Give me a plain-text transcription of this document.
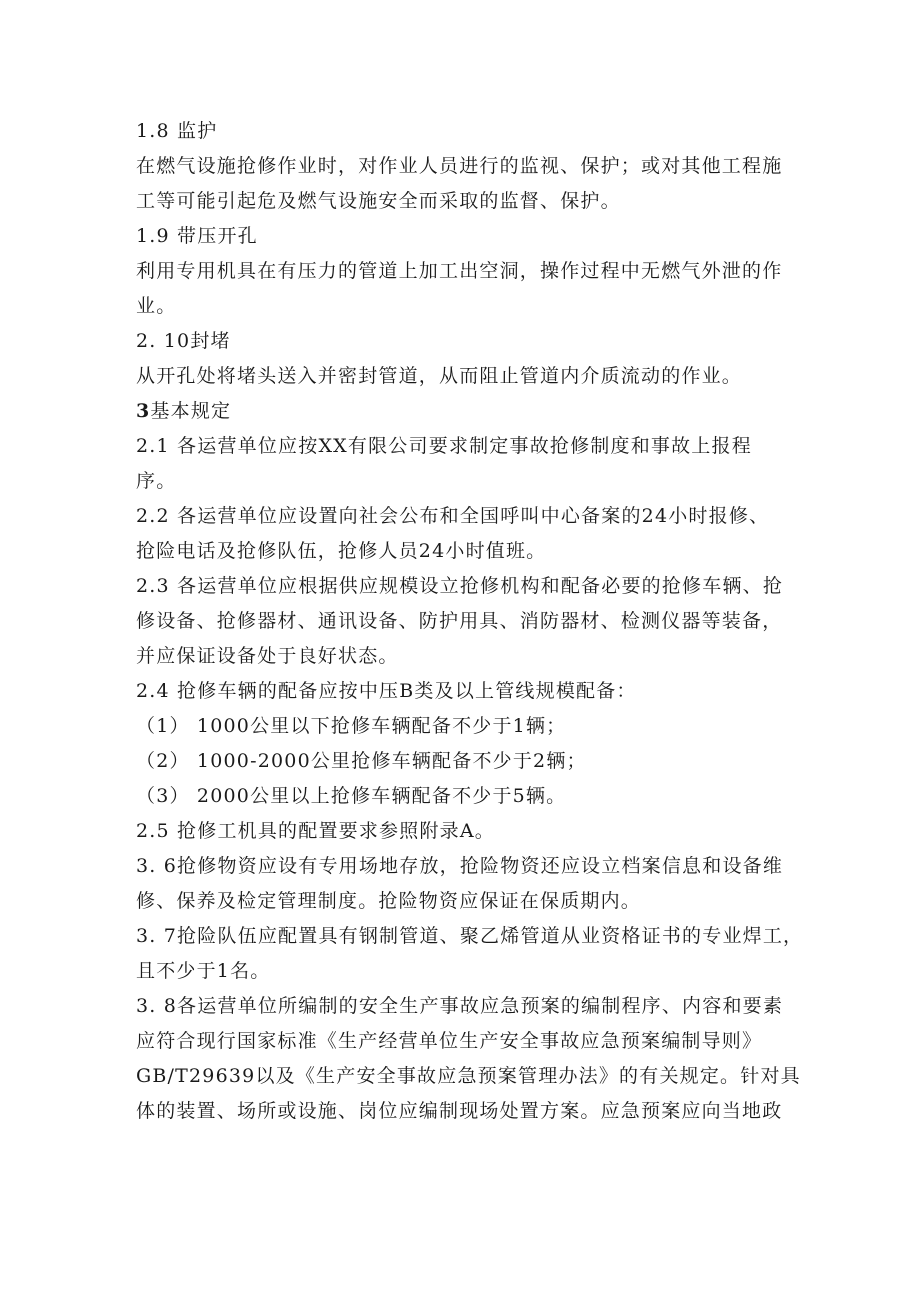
1.8 监护
在燃气设施抢修作业时，对作业人员进行的监视、保护；或对其他工程施
工等可能引起危及燃气设施安全而采取的监督、保护。
1.9 带压开孔
利用专用机具在有压力的管道上加工出空洞，操作过程中无燃气外泄的作
业。
2. 10封堵
从开孔处将堵头送入并密封管道，从而阻止管道内介质流动的作业。
3基本规定
2.1 各运营单位应按XX有限公司要求制定事故抢修制度和事故上报程
序。
2.2 各运营单位应设置向社会公布和全国呼叫中心备案的24小时报修、
抢险电话及抢修队伍，抢修人员24小时值班。
2.3 各运营单位应根据供应规模设立抢修机构和配备必要的抢修车辆、抢
修设备、抢修器材、通讯设备、防护用具、消防器材、检测仪器等装备，
并应保证设备处于良好状态。
2.4 抢修车辆的配备应按中压B类及以上管线规模配备：
（1） 1000公里以下抢修车辆配备不少于1辆；
（2） 1000-2000公里抢修车辆配备不少于2辆；
（3） 2000公里以上抢修车辆配备不少于5辆。
2.5 抢修工机具的配置要求参照附录A。
3. 6抢修物资应设有专用场地存放，抢险物资还应设立档案信息和设备维
修、保养及检定管理制度。抢险物资应保证在保质期内。
3. 7抢险队伍应配置具有钢制管道、聚乙烯管道从业资格证书的专业焊工，
且不少于1名。
3. 8各运营单位所编制的安全生产事故应急预案的编制程序、内容和要素
应符合现行国家标准《生产经营单位生产安全事故应急预案编制导则》
GB/T29639以及《生产安全事故应急预案管理办法》的有关规定。针对具
体的装置、场所或设施、岗位应编制现场处置方案。应急预案应向当地政
